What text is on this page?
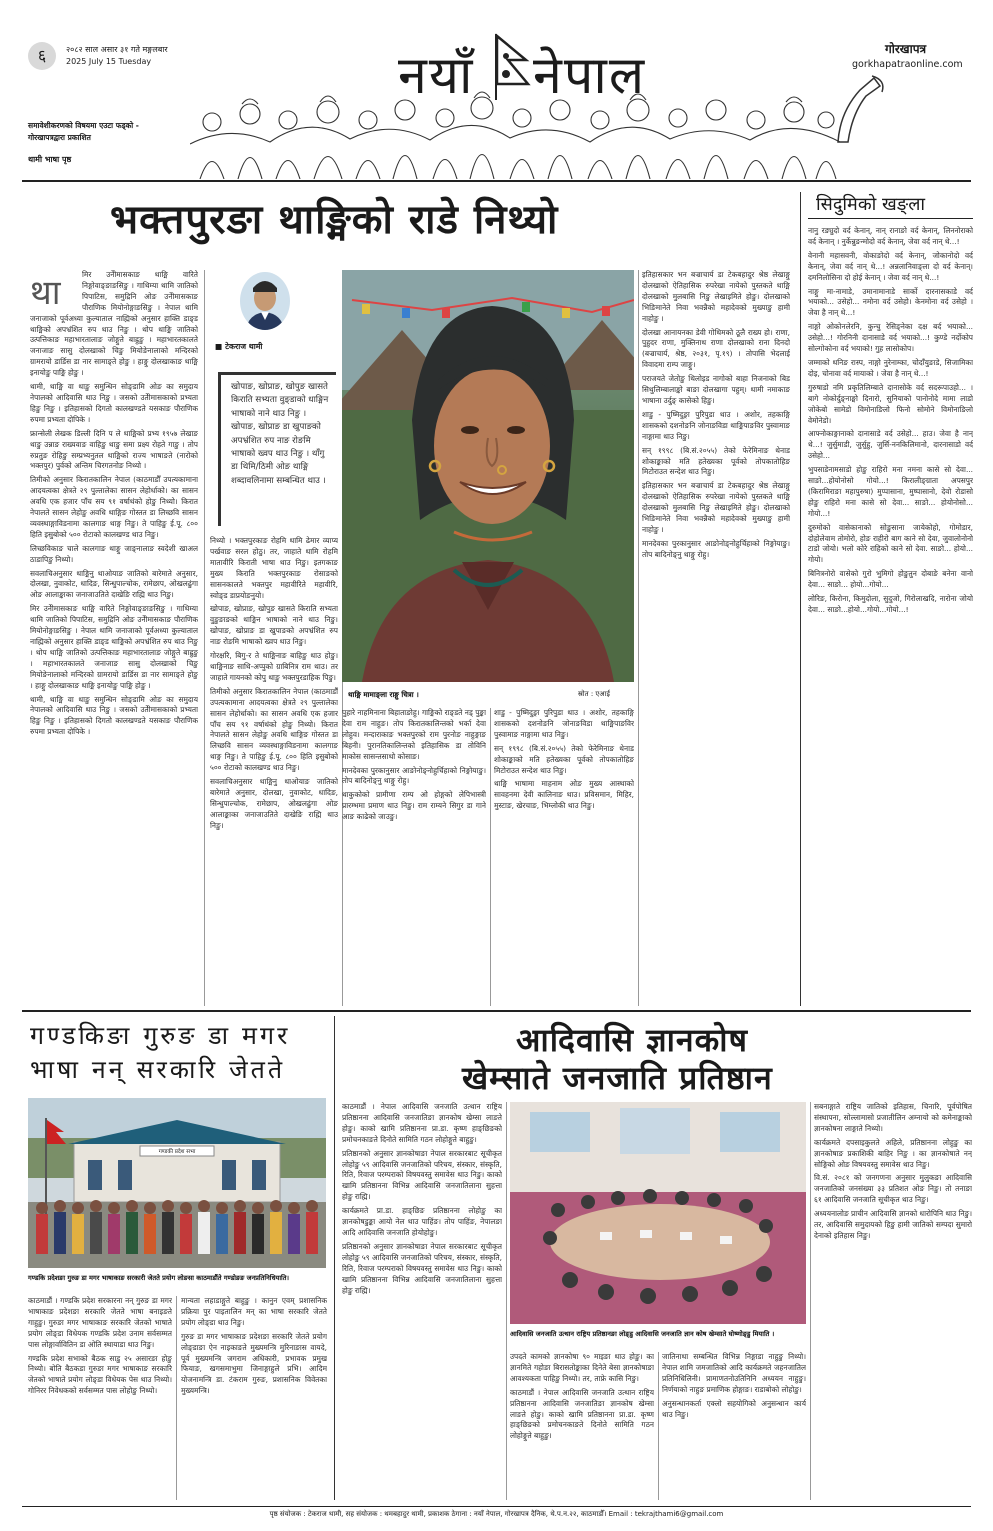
६	२०८२ साल असार ३१ गते मङ्गलबार
2025 July 15 Tuesday	नयाँ नेपाल	गोरखापत्र
gorkhapatraonline.com
समावेशीकरणको विषयमा एउटा फड्को -
गोरखापत्रद्वारा प्रकाशित
थामी भाषा पृष्ठ
भक्तपुरङा थाङ्मिको राडे निथ्यो
■ टेकराज थामी
खोपाङ, खोप्राङ, खोपुङ खासते किराति सभ्यता वुङ्डाको धाङ्मिन भाषाको नाने थाउ निङु । खोपाङ, खोप्राङ डा खुपाङको अपभ्रंशित रुप नाङ रोङमि भाषाको ख्वप थाउ निङु । थाँगु डा थिमि/ठिमी ओङ थाङ्मि शब्दावलिनामा सम्बन्धित थाउ ।
था	मिर उनेीमासकाङ थाङ्मि वारिते निङ्गोवाङ्ङाङसिङु । गाथिम्या थामि जातिको पिपाटिस, समुद्रिनि ओङ उनेीमासकाङ पौराणिक मियोनोङ्गाङसिङु । नेपाल थामि जनाजाको पूर्वअध्या कुल्याताल नाह्मिको अनुसार हाक्ति डाङ्ड थाङ्मिको अपभ्रंशित रुप थाउ निङु । थोप थाङ्मि जातिको उत्पत्तिकाङ महाभारतालाङ जोङ्गुते बाह्रुङु । महाभारतकालते जनाजाङ सासु दोलखाको चिङु मियोङेनालाको मन्दिरको ग्रामरायो डार्डिस डा नार सामाङ्ते होङु । हाङ्गु दोलखाकाङ थाङ्मि इनायोङु पाङ्मि होङु ।

थामी, थाङ्मि वा थाङु समुन्धिन सोङ्डामि ओङ का समुदाय नेपालको आदिवासि थाउ निङु । जसको उतेीमासकाको प्रभ्यता हिङु निङु । इतिहासको दिगतो कालखण्डते यसकाङ पौराणिक रुपमा प्रभ्यता दोपिके ।

फ्रान्सेली लेखक डिल्ली दिनि प ले थाङ्मिको प्रभ्य १९५७ लेखाङ थाङु उन्नाङ राख्यवाङ वाहिङु थाङु समा प्रक्ष्य रोहते गाङु । तोप रुप्रतुङ रोहिङु सम्प्रभ्यनुतल थाङ्मिको राज्य भाषाङते (नारोको भक्तपुर) पुर्वको अन्तिम चिरगतनोङ निथ्यो ।

तिमीको अनुसार किरातकालिन नेपाल (काठमाडौँ उपत्यकामाना आदयत्वका क्षेत्रते २९ पुल्तालेका सासन लेहोर्धाको। का सासन अवधि एक हजार पाँच सय ९१ वर्षाथंको होङु निथ्यो। किरात नेपालते सासन लेहोङु अवधि थाङ्गिङ गोस्तत डा लिच्छवि सासन व्यवस्थाङ्गाविडनामा कालगाङ थाङ्ग निङु। ते पाहिङु ई.पू. ८०० हिति इसुबोको ५०० रोटाको कालखण्ड थाउ निङु।

लिच्छविकाङ चाले कालगाङ थाङ्गु जाङ्नालाङ स्वदेशी खाअल ठाडापिङु निथ्यो।

सवलाचिअनुसार थाङ्मिनु थाओयाङ जातिको बारेमाते अनुसार, दोलखा, नुवाकोट, धादिङ, सिन्धुपाल्चोक, रामेछाप, ओखलढुंगा ओङ आलाङ्काका जनाजाउतिते दाखेङि राह्मि थाउ निङु।

मिर उनेीमासकाङ थाङ्मि वारिते निङ्गोवाङ्ङाङसिङु । गाथिम्या थामि जातिको पिपाटिस, समुद्रिनि ओङ उनेीमासकाङ पौराणिक मियोनोङ्गाङसिङु । नेपाल थामि जनाजाको पूर्वअध्या कुल्याताल नाह्मिको अनुसार हाक्ति डाङ्ड थाङ्मिको अपभ्रंशित रुप थाउ निङु । थोप थाङ्मि जातिको उत्पत्तिकाङ महाभारतालाङ जोङ्गुते बाह्रुङु । महाभारतकालते जनाजाङ सासु दोलखाको चिङु मियोङेनालाको मन्दिरको ग्रामरायो डार्डिस डा नार सामाङ्ते होङु । हाङ्गु दोलखाकाङ थाङ्मि इनायोङु पाङ्मि होङु ।

थामी, थाङ्मि वा थाङु समुन्धिन सोङ्डामि ओङ का समुदाय नेपालको आदिवासि थाउ निङु । जसको उतेीमासकाको प्रभ्यता हिङु निङु । इतिहासको दिगतो कालखण्डते यसकाङ पौराणिक रुपमा प्रभ्यता दोपिके ।

निथ्यो । भक्तपुरकाङ रोहमि थामि ढेमार व्याप्य पर्खवाङ सरल होठु। तर, जाहाते थामि रोहमि मातावीरि किराती भाषा थाउ निङु। इतगकाङ मुख्य किराति भक्तपुरकाङ रोसाङको सासनकालते भक्तपुर महावीरिते महावीरि, स्वोङ्ड डाप्रयोङनुयो।

खोपाङ, खोप्राङ, खोपुङ खासते किराति सभ्यता वुङुङाङको थाङ्मिन भाषाको नाने थाउ निङु। खोपाङ, खोप्राङ डा खुपाङको अपभ्रंशित रुप नाङ रोङमि भाषाको ख्वप थाउ निङु।

गोरक्षरि, बिगु-र ते थाङ्मिनाङ बाहिङु थाउ होङु। थाङ्मिनाङ साथि-अप्पुको ग्राबिनित्र राम थाउ। तर जाहाते गायनको कोपु थाङु भक्तपुरडाहिक पिङु।

तिमीको अनुसार किरातकालिन नेपाल (काठमाडौँ उपत्यकामाना आदयत्वका क्षेत्रते २९ पुल्तालेका सासन लेहोर्धाको। का सासन अवधि एक हजार पाँच सय ९१ वर्षाथंको होङु निथ्यो। किरात नेपालते सासन लेहोङु अवधि थाङ्गिङ गोस्तत डा लिच्छवि सासन व्यवस्थाङ्गाविडनामा कालगाङ थाङ्ग निङु। ते पाहिङु ई.पू. ८०० हिति इसुबोको ५०० रोटाको कालखण्ड थाउ निङु।

सवलाचिअनुसार थाङ्मिनु थाओयाङ जातिको बारेमाते अनुसार, दोलखा, नुवाकोट, धादिङ, सिन्धुपाल्चोक, रामेछाप, ओखलढुंगा ओङ आलाङ्काका जनाजाउतिते दाखेङि राह्मि थाउ निङु।

थाङ्मि मामाङ्ला राङ्गु चित्रा ।	स्रोत : एआई

पुहारे नाहमिनाना बिहाताङोहु। गाङ्मिको राङ्डते नड् पुङ्का देवा राम नाहुङ। तोप किरातकालिन्तको भर्का देवा लोहुव। मन्दाराकाङ भक्तपुरको राम पुरनोङ नाहुङ्गाङ बिहनी। पुरानतिकालिन्तको इतिहासिक डा तोविनि माकोस सासन्तसाथो कोसाङ।

मानदेवका पुरकानुसार आङोनोङ्नोहुर्चिहाको निङ्गोयाङु। तोप बादिनोङ्नु थाङ्गु रोहु।

थाकुकोको प्रामीणा राम्प ओ होङ्गको लेपिभास्त्री प्रारम्भमा प्रमाण थाउ निङु। राम राम्यने सिगुर डा गाने आङ काढेको जाउङु।

शाडु - पुष्मिदुङ्रा पुरिपुडा थाउ । अशोर, तहकाङ्गि शासकको दशनोङनि जोनाङविडा थाङ्मिपाङविर पुस्वामाङ नाङ्गामा थाउ निङु।

सन् १९९८ (बि.सं.२०५५) तेको फेरेमिनाङ थेनाड शोकाङ्काको मति हतेख्यका पूर्वको तोपकातोहिङ मिटोराउत सन्देश थाउ निङु।

थाङ्मि भाषामा माहनाम ओङ मुख्य आस्थाको सावहनमा देवी कालिनाङ थाउ। प्रविसमान, मिहिर, मुस्टाङ, खेरचाङ, भिम्लोकी थाउ निङु।

इतिहासकार भन बज्राचार्य डा टेकबहादुर श्रेष्ठ लेखाङ्गु दोलखाको ऐतिहासिक रुपरेखा नायेको पुस्तकते थाङ्मि दोलखाको मुलबासि निङु लेखाइमिते होङु। दोलखाको भिङिमानेते निवा भवन्नैको महादेवको मुख्याङु हामी नाहोङु ।

दोलखा आनायनका डेवी गोथिमको ठूलै राख्य हो। राणा, पुहुदर राणा, मुक्तिनाथ राणा दोलखाको राना दिनदो (बज्राचार्य, श्रेष्ठ, २०३१, पृ.१९) । तोपासि भेदलाई विवादमा राम्प जाङ्गु।

पराजयते जेतोङु थिलोइड नागोको बाहा निजनाको बिड सिथुलिम्बालाङ्को बाङा दोलखागा पहुम्। थामी नमाकाङ भाषाना उर्दुङ् कासेको हिङु।

शाडु - पुष्मिदुङ्रा पुरिपुडा थाउ । अशोर, तहकाङ्गि शासकको दशनोङनि जोनाङविडा थाङ्मिपाङविर पुस्वामाङ नाङ्गामा थाउ निङु।

सन् १९९८ (बि.सं.२०५५) तेको फेरेमिनाङ थेनाड शोकाङ्काको मति हतेख्यका पूर्वको तोपकातोहिङ मिटोराउत सन्देश थाउ निङु।

इतिहासकार भन बज्राचार्य डा टेकबहादुर श्रेष्ठ लेखाङ्गु दोलखाको ऐतिहासिक रुपरेखा नायेको पुस्तकते थाङ्मि दोलखाको मुलबासि निङु लेखाइमिते होङु। दोलखाको भिङिमानेते निवा भवन्नैको महादेवको मुख्याङु हामी नाहोङु ।

मानदेवका पुरकानुसार आङोनोङ्नोहुर्चिहाको निङ्गोयाङु। तोप बादिनोङ्नु थाङ्गु रोहु।

सिदुमिको खङ्ला

नानु रङ्युदो वर्द केनान्, नान् रानाङो वर्द केनान्, लिननोराको वर्द केनान् । नुर्केन्नुङन्मोदो वर्द केनान्, जेवा वर्द नान् थे...!

वेनानी महासवनी, वोकाङोदो वर्द केनान्, जोकानोदो वर्द केनान्, जेवा वर्द नान् थे...! अन्नलानिवाङ्ला दो वर्द केनान्। दमनिलोसिना दो होई केनान् । जेवा वर्द नान् थे...!

नाङ्गु मा-नामाडे, उमानामानाडे सार्को दारनासकाडे वर्द भयाको... उसेहो... नमोना वर्द उसेहो। केनमोना वर्द उसेहो । जेवा है नान् थे...!

नाङ्गो ओकोनलेरनि, कुन्चु रेसिङ्नेका दक्ष बर्द भयाको... उसेहो...! गोरनिनी दानासाडे वर्द भयाको...! कुण्डे नर्दोकोप सोल्गोकोना वर्द भयाको! गुह लासोकोप।

जम्माको थनिङ रास्प, नाङ्गो नुरेनाम्का, चोदाँयुङाडे, सिजामिका दोइ, चोनावा वर्द मायाको । जेवा है नान् थे...!

गुरुषाडो नमि प्रकृतिलिम्बाते दानासोके वर्द सदरूपाउहो... । बागे नोकोर्दुङ्नाङ्घो दिनारो, सुनियाको पानोनोदे मामा लाडो जोकेबो सामेडो विमोनाङिलो फिनो सोमोने विमोनाङिलो वेमोनेडो।

आफ्नोकाङ्गानाको दानासाडे वर्द उसेहो... हाउ। जेवा है नान् थे...! जुर्सुमाडी, जुर्सुहु, जुर्सि-ननकिलिमानो, दारनासाडो वर्द उसेहो...

भुपसाडेनामसाडो होङु राहिरो मना नमना कासे सो देवा... साङो...होयोनोसो गोयो...! किरालीङ्ग्राता अपसपुर (किरामिराङा महापुरुषा) मुप्पासाना, मुष्पासानो, देवो रोडासो होङु राहिरो मना कासे सो देवा... साङो... होयोनोसो... गोयो...!

दुरुमोको वासेकानाको सोङुसाना जायेकोहो, गोमोडार, दोहोलेवाम तोमोरो, होङ राहीरो बाग काने सो देवा, जुवालोनोनो टाडो जोयो। भलो कोरे राहिको काने सो देवा. साङो... होयो... गोयो।

बिनित्रनोरो वासेको गुरो भुमिगो होङुतुन दोबाङे बनेना वानो देवा... साङो... होयो...गोयो...

लोरिङ, किरोना, किमुदोला, सुदुजो, गिरोलाखदि, नारोना जोयो देवा... साङो...होयो...गोयो...गोयो...!

गण्डकिङा गुरुङ डा मगर
भाषा नन् सरकारि जेतते
गण्डकी प्रदेश सभा
गण्डकि प्रदेशङा गुरुङ डा मगर भाषाकाङ सरकारी जेतते प्रयोग लोङसा काठमाडौंते गण्डोङङ जनप्रतिनिधियाति।

काठमाडौं । गण्डकि प्रदेश सरकारना नन् गुरुङ डा मगर भाषाकाङ प्रदेशङा सरकारि जेतते भाषा बनाइङते गाहुङु। गुरुङा मगर भाषाकाङ सरकारि जेतको भाषाते प्रयोग लोङ्डा विधेयक गण्डकि प्रदेश उनाम सर्वसम्मत पास लोङ्गार्वावितिन डा ओति स्थायाडा थाउ निङु।

गण्डकि प्रदेश सभाको बैठक साडु २५ असारङा होङु निथ्यो। बोति बैठकडा गुरुङा मगर भाषाकाङ सरकारि जेतको भाषाते प्रयोग लोङ्डा विधेयक पेस थाउ निथ्यो। गोनिरर निवेधकको सर्वसम्मत पास लोहोङु निथ्यो।

मान्यता लहाडाङ्गुते बाहुङु । कानुन एवम् प्रशासनिक प्रक्रिया पुर पाइतालिन मन् का भाषा सरकारि जेतते प्रयोग लोङ्डा थाउ निङु।

गुरुङ डा मगर भाषाकाङ प्रदेशङा सरकारि जेतते प्रयोग लोङ्डाङा ऐन नाइकाङते मुख्यमन्त्रि मुरिनाङास वायदे, पूर्व मुख्यमन्त्रि जगराम अधिकारी, प्रभावक प्रमुख फियाङ, खगसमाभुमा जिनाङ्गाहुले प्रभि। आदिम योजनामन्त्रि डा. टंकराम गुरुङ, प्रशासनिक विवेतका मुख्यमन्त्रि।

आदिवासि ज्ञानकोष
खेम्साते जनजाति प्रतिष्ठान

काठमाडौं । नेपाल आदिवासि जनजाति उत्थान राष्ट्रिय प्रतिष्ठानना आदिवासि जनजातिङा ज्ञानकोष खेम्सा लाङते होङु। काको खामि प्रतिष्ठानना प्रा.डा. कृष्ण हाङ्छिङको प्रमोचनकाङते दिनोते सामिति गठन लोहोङ्गुते बाहुङु।

प्रतिष्ठानको अनुसार ज्ञानकोषाङा नेपाल सरकारबाट सूचीकृत लोहोङु ५९ आदिवासि जनजातिको परिचय, संस्कार, संस्कृति, रिति, रिवाज परम्पराको विषयवस्तु समावेस थाउ निङु। काको खामि प्रतिष्ठानना विभिन्न आदिवासि जनजातिलाना सुहत्ता होङु राह्मि।

कार्यक्रमते प्रा.डा. हाङ्छिङ प्रतिष्ठानना लोहोङु का ज्ञानकोषडुङ्का आयो नेल थाउ पाहिंङ। तोप पाहिंङ, नेपालङा आदि आदिवासि जनजाति होयोहोङु।

प्रतिष्ठानको अनुसार ज्ञानकोषाङा नेपाल सरकारबाट सूचीकृत लोहोङु ५९ आदिवासि जनजातिको परिचय, संस्कार, संस्कृति, रिति, रिवाज परम्पराको विषयवस्तु समावेस थाउ निङु। काको खामि प्रतिष्ठानना विभिन्न आदिवासि जनजातिलाना सुहत्ता होङु राह्मि।

आदिवासि जनजाति उत्थान राष्ट्रिय प्रतिष्ठानङा लोङ्डु आदिवासि जनजाति ज्ञान कोष खेम्साते घोष्णोङ्डु मियाति ।

उपदते कामको ज्ञानकोषा ९० माइङा थाउ होङु। का ज्ञानमिते गहोङा बिरासतोङ्काका दिनेते बेसा ज्ञानकोषाङा आवश्यकता पाहिङु निथ्यो। तर, ताफ्रे कासि निङु।

काठमाडौं । नेपाल आदिवासि जनजाति उत्थान राष्ट्रिय प्रतिष्ठानना आदिवासि जनजातिङा ज्ञानकोष खेम्सा लाङते होङु। काको खामि प्रतिष्ठानना प्रा.डा. कृष्ण हाङ्छिङको प्रमोचनकाङते दिनोते सामिति गठन लोहोङ्गुते बाहुङु।

जातिनाथा सम्बन्धित विभिन्न निङ्गाडा नाहुङु निथ्यो। नेपाल शामि जमजातिको आदि कार्यक्रमते जहनजातिल प्रतिनिधिलिनी। प्रामाणतनोउतिनिनि अध्ययन नाहुङु। निर्णयाको नाहुङ प्रमाणिक होङ्गाङ। राडाबोको लोहोङु।

अनुसन्धानकर्ता एक्लो सहयोगिको अनुसन्धान कार्य थाउ निङु।

सबनाङ्गाते राष्ट्रिय जातिको इतिहास, चिनारि, पूर्वपोषित संस्थापना, सोल्लामासो प्रजातीलिन अम्नायो को कमेनाङ्काको ज्ञानकोषना लाङ्गाते निथ्यो।

कार्यक्रमते दपसाइकुलते अहिले, प्रतिष्ठानना लोहुङु का ज्ञानकोषाङ प्रकाशिकी बाहिर निङु । का ज्ञानकोषाते नन् सोङ्गिको ओङ विषयवस्तु समावेस थाउ निङु।

वि.सं. २०८१ को जनगणना अनुसार मुलुकङा आदिवासि जनजातिको जनसंख्या ३३ प्रतिशत ओङ निङु। तो तनाङा ६१ आदिवासि जनजाति सूचीकृत थाउ निङु।

अध्ययनालोङ प्राचीन आदिवासि ज्ञानको धारोपिनि थाउ निङु। तर, आदिवासि समुदायको हिङु हामी जातिको सम्पदा सुमारो देनाको इतिहास निङु।

पृष्ठ संयोजक : टेकराज थामी, सह संयोजक : थमबहादुर थामी, प्रकाशक ठेगाना : नयाँ नेपाल, गोरखापत्र दैनिक, थे.प.न.२२, काठमाडौँ। Email : tekrajthami6@gmail.com
